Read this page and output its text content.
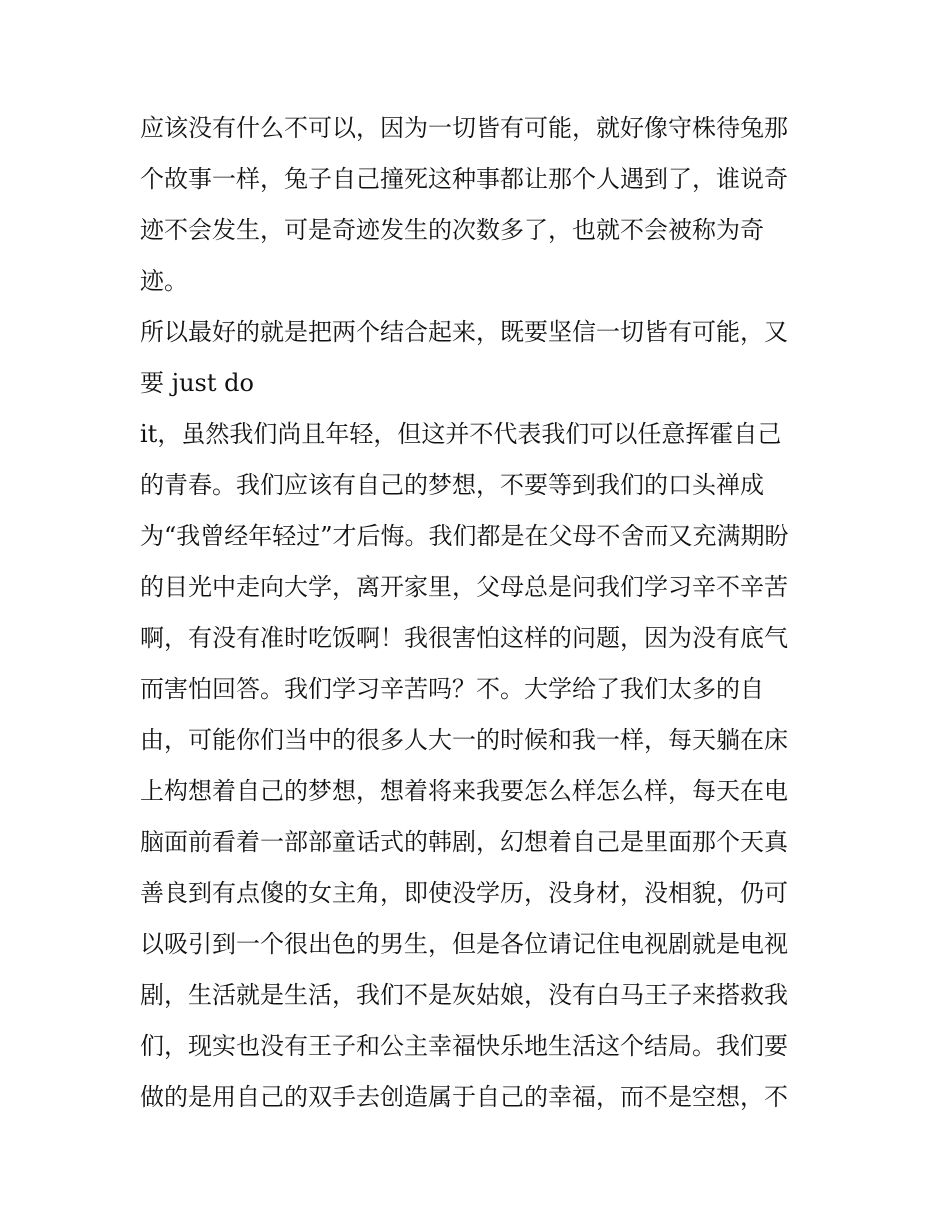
应该没有什么不可以，因为一切皆有可能，就好像守株待兔那
个故事一样，兔子自己撞死这种事都让那个人遇到了，谁说奇
迹不会发生，可是奇迹发生的次数多了，也就不会被称为奇
迹。
所以最好的就是把两个结合起来，既要坚信一切皆有可能，又
要 just do
it，虽然我们尚且年轻，但这并不代表我们可以任意挥霍自己
的青春。我们应该有自己的梦想，不要等到我们的口头禅成
为“我曾经年轻过”才后悔。我们都是在父母不舍而又充满期盼
的目光中走向大学，离开家里，父母总是问我们学习辛不辛苦
啊，有没有准时吃饭啊！我很害怕这样的问题，因为没有底气
而害怕回答。我们学习辛苦吗？不。大学给了我们太多的自
由，可能你们当中的很多人大一的时候和我一样，每天躺在床
上构想着自己的梦想，想着将来我要怎么样怎么样，每天在电
脑面前看着一部部童话式的韩剧，幻想着自己是里面那个天真
善良到有点傻的女主角，即使没学历，没身材，没相貌，仍可
以吸引到一个很出色的男生，但是各位请记住电视剧就是电视
剧，生活就是生活，我们不是灰姑娘，没有白马王子来搭救我
们，现实也没有王子和公主幸福快乐地生活这个结局。我们要
做的是用自己的双手去创造属于自己的幸福，而不是空想，不
